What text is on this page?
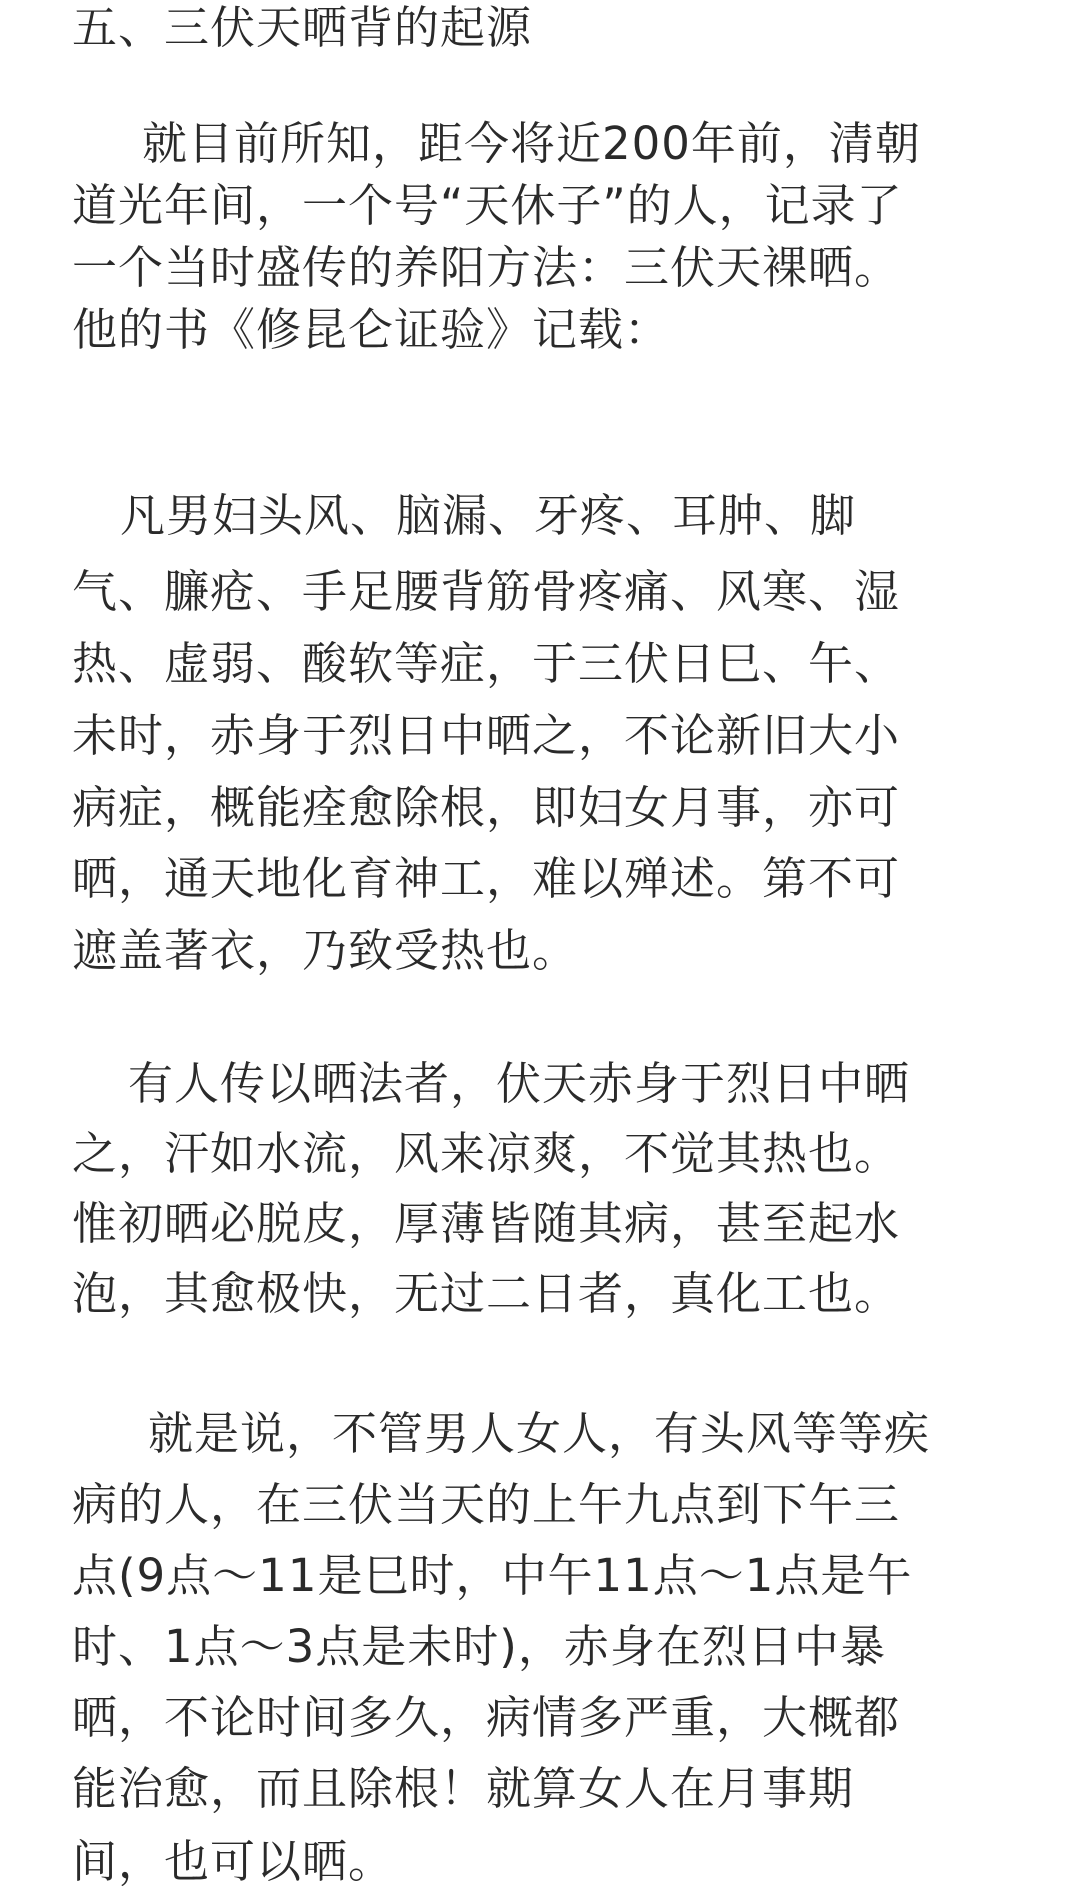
五、三伏天晒背的起源
就目前所知，距今将近200年前，清朝
道光年间，一个号“天休子”的人，记录了
一个当时盛传的养阳方法：三伏天裸晒。
他的书《修昆仑证验》记载：
凡男妇头风、脑漏、牙疼、耳肿、脚
气、臁疮、手足腰背筋骨疼痛、风寒、湿
热、虚弱、酸软等症，于三伏日巳、午、
未时，赤身于烈日中晒之，不论新旧大小
病症，概能痊愈除根，即妇女月事，亦可
晒，通天地化育神工，难以殚述。第不可
遮盖著衣，乃致受热也。
有人传以晒法者，伏天赤身于烈日中晒
之，汗如水流，风来凉爽，不觉其热也。
惟初晒必脱皮，厚薄皆随其病，甚至起水
泡，其愈极快，无过二日者，真化工也。
就是说，不管男人女人，有头风等等疾
病的人，在三伏当天的上午九点到下午三
点(9点～11是巳时，中午11点～1点是午
时、1点～3点是未时)，赤身在烈日中暴
晒，不论时间多久，病情多严重，大概都
能治愈，而且除根！就算女人在月事期
间，也可以晒。
